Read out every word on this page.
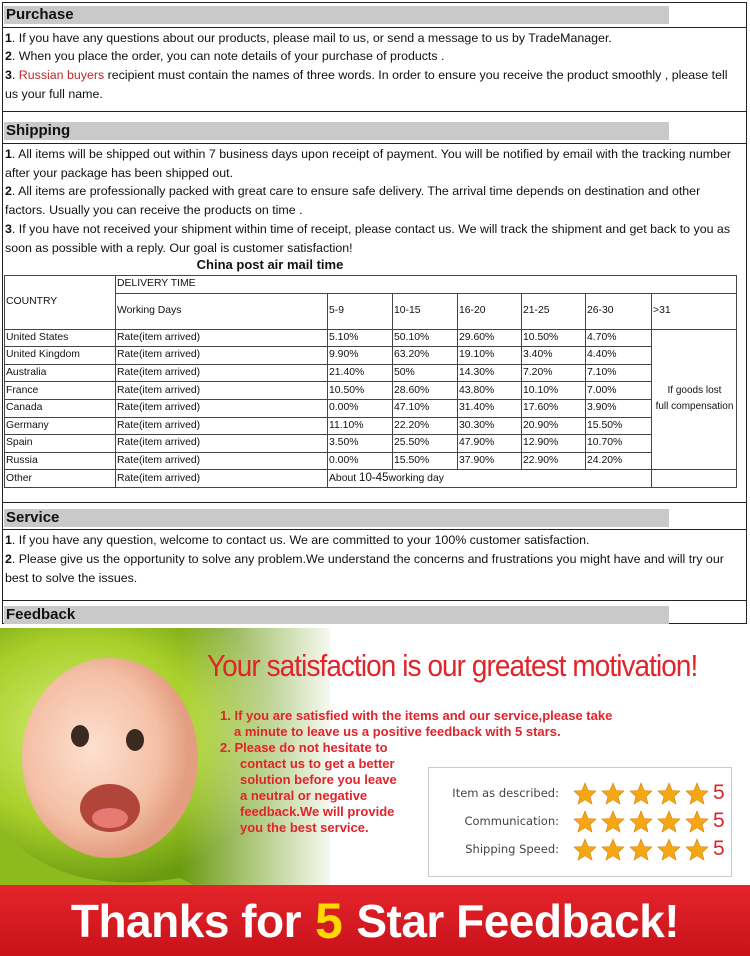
Purchase
1. If you have any questions about our products, please mail to us, or send a message to us by TradeManager.
2. When you place the order, you can note details of your purchase of products .
3. Russian buyers recipient must contain the names of three words. In order to ensure you receive the product smoothly , please tell us your full name.
Shipping
1. All items will be shipped out within 7 business days upon receipt of payment. You will be notified by email with the tracking number after your package has been shipped out.
2. All items are professionally packed with great care to ensure safe delivery. The arrival time depends on destination and other factors. Usually you can receive the products on time .
3. If you have not received your shipment within time of receipt, please contact us. We will track the shipment and get back to you as soon as possible with a reply. Our goal is customer satisfaction!
China post air mail time
COUNTRY	DELIVERY TIME						
	Working Days	5-9	10-15	16-20	21-25	26-30	>31
United States	Rate(item arrived)	5.10%	50.10%	29.60%	10.50%	4.70%	If goods lost
full compensation

United Kingdom	Rate(item arrived)	9.90%	63.20%	19.10%	3.40%	4.40%	
Australia	Rate(item arrived)	21.40%	50%	14.30%	7.20%	7.10%	
France	Rate(item arrived)	10.50%	28.60%	43.80%	10.10%	7.00%	
Canada	Rate(item arrived)	0.00%	47.10%	31.40%	17.60%	3.90%	
Germany	Rate(item arrived)	11.10%	22.20%	30.30%	20.90%	15.50%	
Spain	Rate(item arrived)	3.50%	25.50%	47.90%	12.90%	10.70%	
Russia	Rate(item arrived)	0.00%	15.50%	37.90%	22.90%	24.20%	
Other	Rate(item arrived)	About 10-45working day					
Service
1. If you have any question, welcome to contact us. We are committed to your 100% customer satisfaction.
2. Please give us the opportunity to solve any problem.We understand the concerns and frustrations you might have and will try our best to solve the issues.
Feedback
Your satisfaction is our greatest motivation!
1. If you are satisfied with the items and our service,please take
a minute to leave us a positive feedback with 5 stars.
2. Please do not hesitate to
contact us to get a better
solution before you leave
a neutral or negative
feedback.We will provide
you the best service.
Item as described:	5
Communication:	5
Shipping Speed:	5
Thanks for 5 Star Feedback!
